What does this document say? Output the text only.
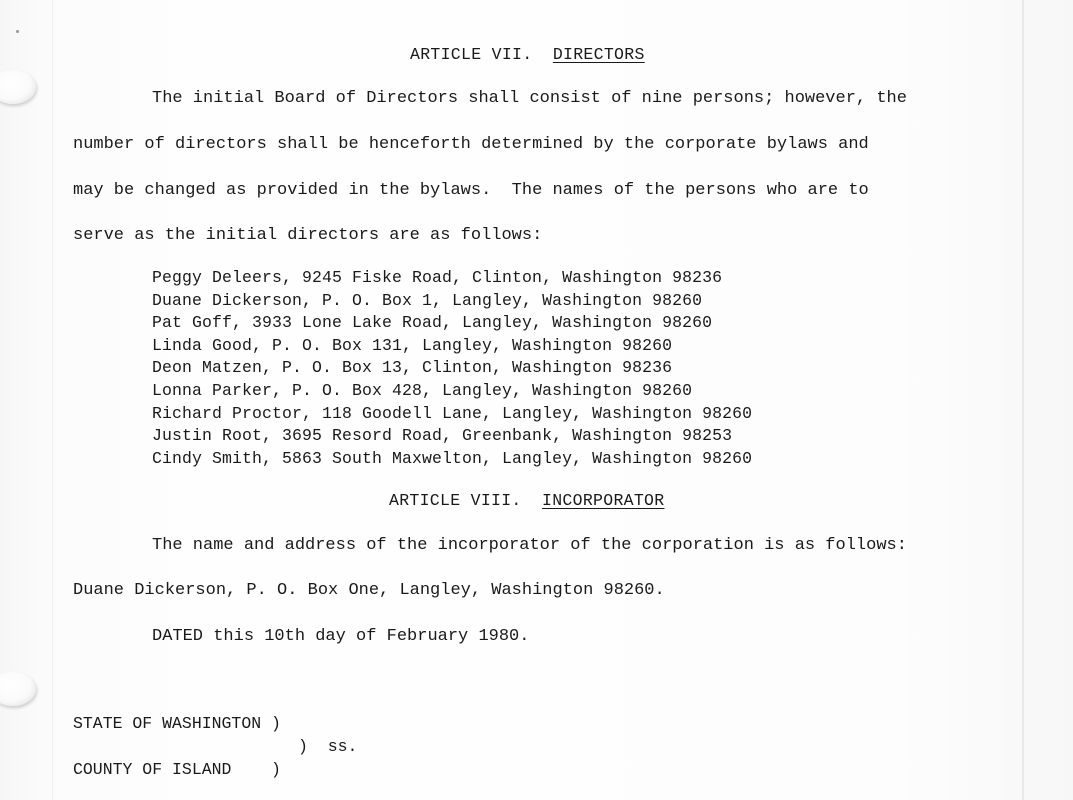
ARTICLE VII. DIRECTORS
The initial Board of Directors shall consist of nine persons; however, the
number of directors shall be henceforth determined by the corporate bylaws and
may be changed as provided in the bylaws.  The names of the persons who are to
serve as the initial directors are as follows:
Peggy Deleers, 9245 Fiske Road, Clinton, Washington 98236
Duane Dickerson, P. O. Box 1, Langley, Washington 98260
Pat Goff, 3933 Lone Lake Road, Langley, Washington 98260
Linda Good, P. O. Box 131, Langley, Washington 98260
Deon Matzen, P. O. Box 13, Clinton, Washington 98236
Lonna Parker, P. O. Box 428, Langley, Washington 98260
Richard Proctor, 118 Goodell Lane, Langley, Washington 98260
Justin Root, 3695 Resord Road, Greenbank, Washington 98253
Cindy Smith, 5863 South Maxwelton, Langley, Washington 98260
ARTICLE VIII. INCORPORATOR
The name and address of the incorporator of the corporation is as follows:
Duane Dickerson, P. O. Box One, Langley, Washington 98260.
DATED this 10th day of February 1980.
STATE OF WASHINGTON )
)  ss.
COUNTY OF ISLAND    )
